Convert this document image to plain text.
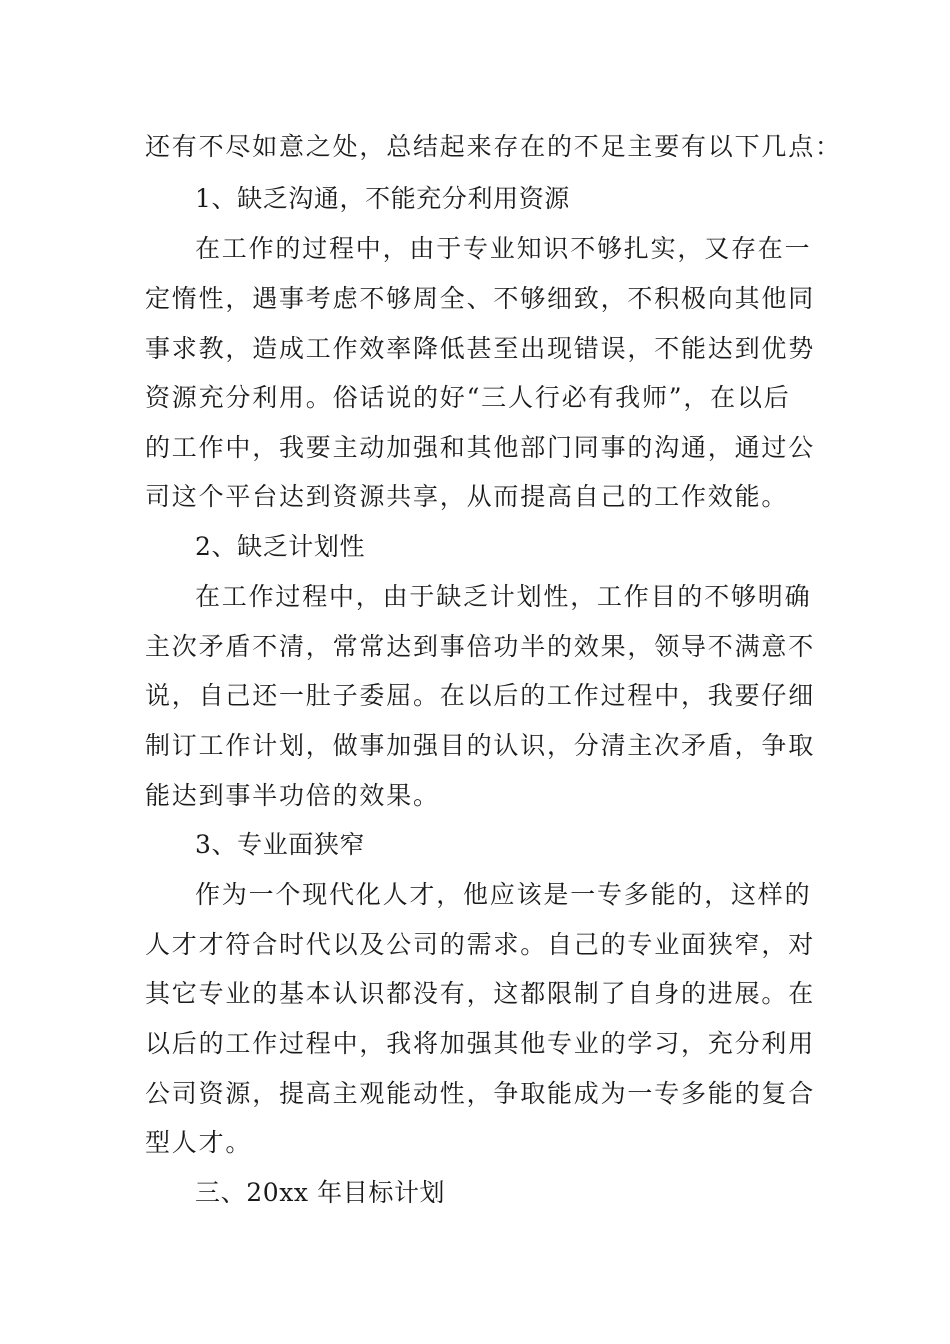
还有不尽如意之处，总结起来存在的不足主要有以下几点：

1、缺乏沟通，不能充分利用资源

在工作的过程中，由于专业知识不够扎实，又存在一

定惰性，遇事考虑不够周全、不够细致，不积极向其他同

事求教，造成工作效率降低甚至出现错误，不能达到优势

资源充分利用。俗话说的好“三人行必有我师”，在以后

的工作中，我要主动加强和其他部门同事的沟通，通过公

司这个平台达到资源共享，从而提高自己的工作效能。

2、缺乏计划性

在工作过程中，由于缺乏计划性，工作目的不够明确

主次矛盾不清，常常达到事倍功半的效果，领导不满意不

说，自己还一肚子委屈。在以后的工作过程中，我要仔细

制订工作计划，做事加强目的认识，分清主次矛盾，争取

能达到事半功倍的效果。

3、专业面狭窄

作为一个现代化人才，他应该是一专多能的，这样的

人才才符合时代以及公司的需求。自己的专业面狭窄，对

其它专业的基本认识都没有，这都限制了自身的进展。在

以后的工作过程中，我将加强其他专业的学习，充分利用

公司资源，提高主观能动性，争取能成为一专多能的复合

型人才。

三、20xx 年目标计划
